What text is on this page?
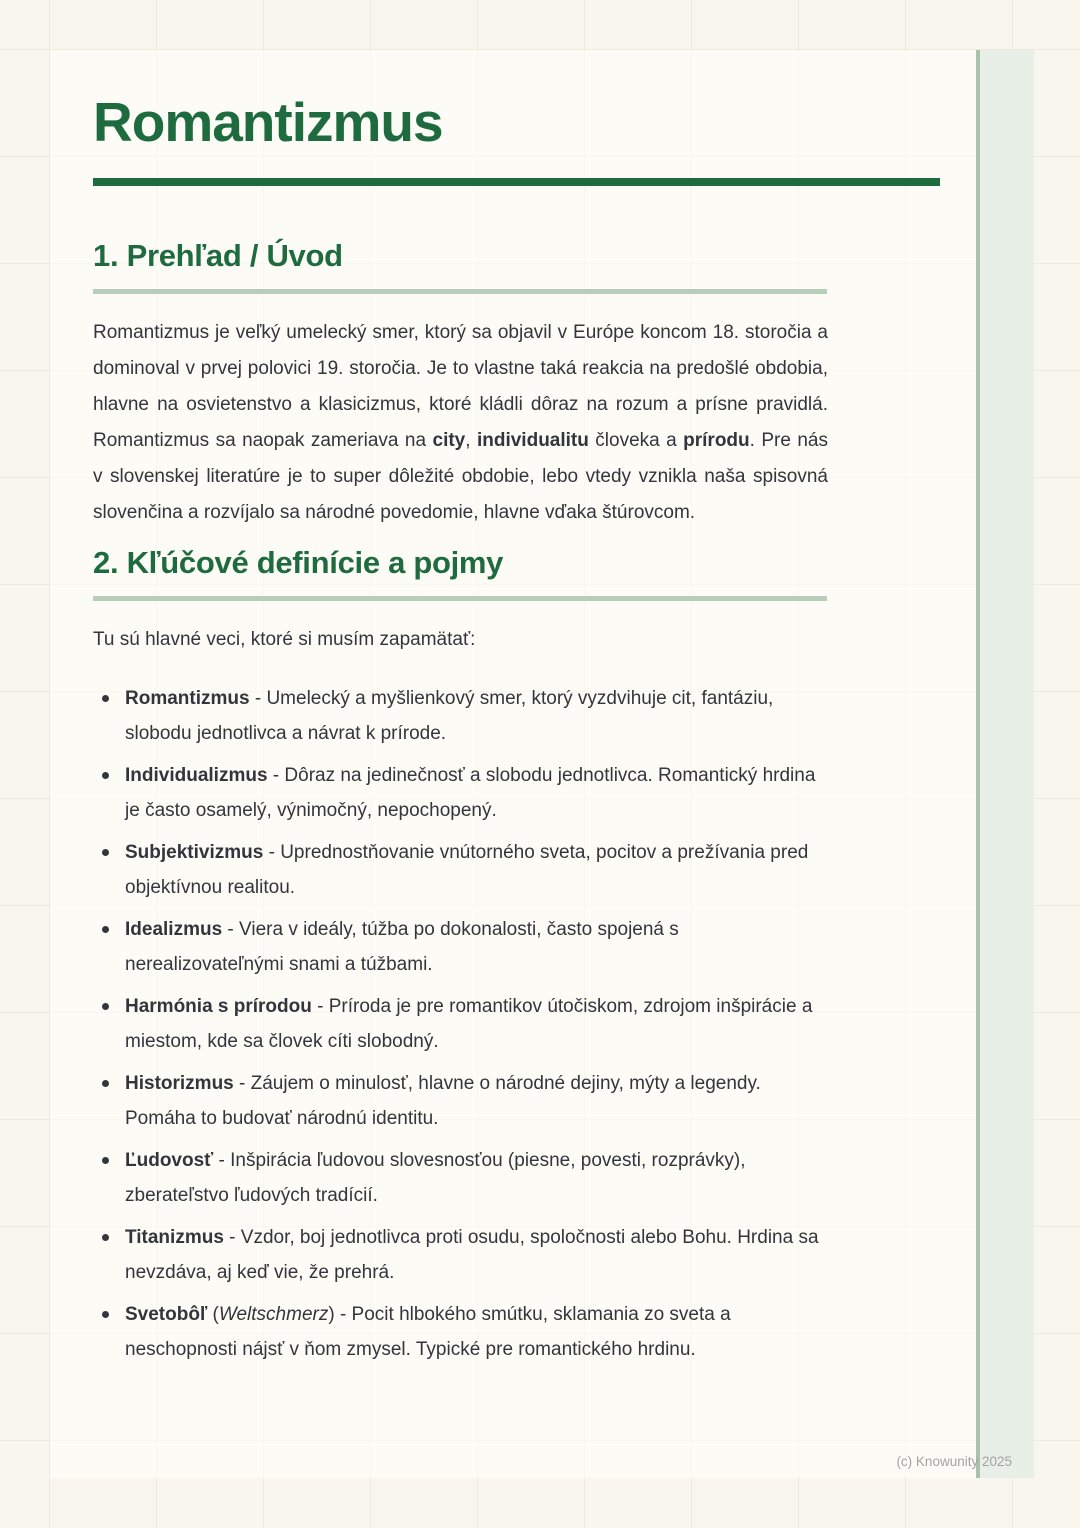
Romantizmus
1. Prehľad / Úvod

Romantizmus je veľký umelecký smer, ktorý sa objavil v Európe koncom 18. storočia a dominoval v prvej polovici 19. storočia. Je to vlastne taká reakcia na predošlé obdobia, hlavne na osvietenstvo a klasicizmus, ktoré kládli dôraz na rozum a prísne pravidlá. Romantizmus sa naopak zameriava na city, individualitu človeka a prírodu. Pre nás v slovenskej literatúre je to super dôležité obdobie, lebo vtedy vznikla naša spisovná slovenčina a rozvíjalo sa národné povedomie, hlavne vďaka štúrovcom.

2. Kľúčové definície a pojmy

Tu sú hlavné veci, ktoré si musím zapamätať:

Romantizmus - Umelecký a myšlienkový smer, ktorý vyzdvihuje cit, fantáziu, slobodu jednotlivca a návrat k prírode.
Individualizmus - Dôraz na jedinečnosť a slobodu jednotlivca. Romantický hrdina je často osamelý, výnimočný, nepochopený.
Subjektivizmus - Uprednostňovanie vnútorného sveta, pocitov a prežívania pred objektívnou realitou.
Idealizmus - Viera v ideály, túžba po dokonalosti, často spojená s nerealizovateľnými snami a túžbami.
Harmónia s prírodou - Príroda je pre romantikov útočiskom, zdrojom inšpirácie a miestom, kde sa človek cíti slobodný.
Historizmus - Záujem o minulosť, hlavne o národné dejiny, mýty a legendy. Pomáha to budovať národnú identitu.
Ľudovosť - Inšpirácia ľudovou slovesnosťou (piesne, povesti, rozprávky), zberateľstvo ľudových tradícií.
Titanizmus - Vzdor, boj jednotlivca proti osudu, spoločnosti alebo Bohu. Hrdina sa nevzdáva, aj keď vie, že prehrá.
Svetobôľ (Weltschmerz) - Pocit hlbokého smútku, sklamania zo sveta a neschopnosti nájsť v ňom zmysel. Typické pre romantického hrdinu.
(c) Knowunity 2025
